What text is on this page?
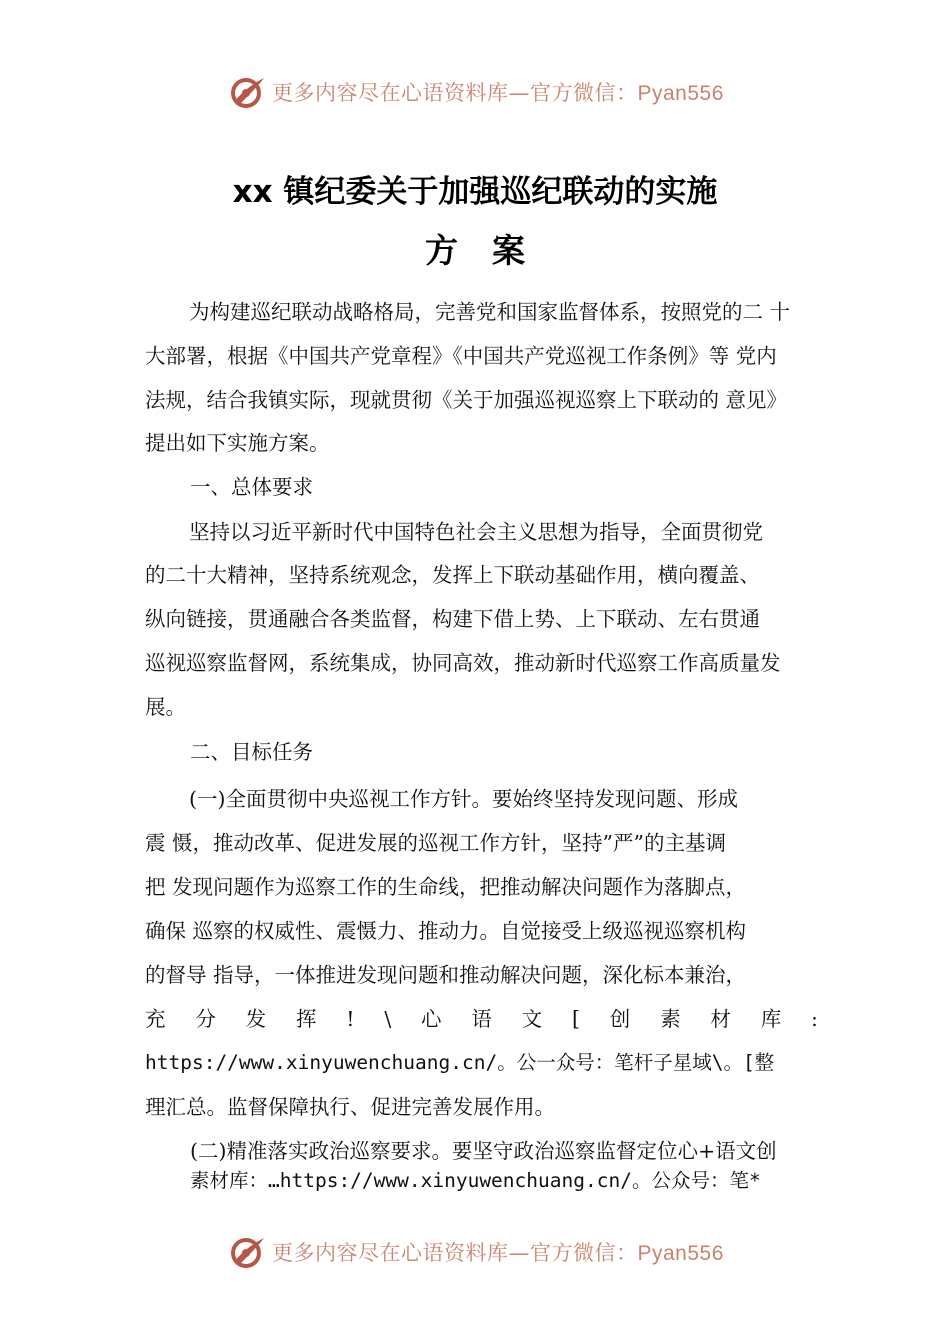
更多内容尽在心语资料库—官方微信：Pyan556
xx 镇纪委关于加强巡纪联动的实施
方案
为构建巡纪联动战略格局，完善党和国家监督体系，按照党的二 十
大部署，根据《中国共产党章程》《中国共产党巡视工作条例》等 党内
法规，结合我镇实际，现就贯彻《关于加强巡视巡察上下联动的 意见》
提出如下实施方案。
一、总体要求
坚持以习近平新时代中国特色社会主义思想为指导，全面贯彻党
的二十大精神，坚持系统观念，发挥上下联动基础作用，横向覆盖、
纵向链接，贯通融合各类监督，构建下借上势、上下联动、左右贯通
巡视巡察监督网，系统集成，协同高效，推动新时代巡察工作高质量发
展。
二、目标任务
(一)全面贯彻中央巡视工作方针。要始终坚持发现问题、形成
震 慑，推动改革、促进发展的巡视工作方针，坚持”严”的主基调
把 发现问题作为巡察工作的生命线，把推动解决问题作为落脚点，
确保 巡察的权威性、震慑力、推动力。自觉接受上级巡视巡察机构
的督导 指导，一体推进发现问题和推动解决问题，深化标本兼治，
充 分 发 挥 ! \ 心 语 文 [ 创 素 材 库 :
https://www.xinyuwenchuang.cn/。公一众号：笔杆子星域\。[整
理汇总。监督保障执行、促进完善发展作用。
(二)精准落实政治巡察要求。要坚守政治巡察监督定位心+语文创
素材库：…https://www.xinyuwenchuang.cn/。公众号：笔*
更多内容尽在心语资料库—官方微信：Pyan556
